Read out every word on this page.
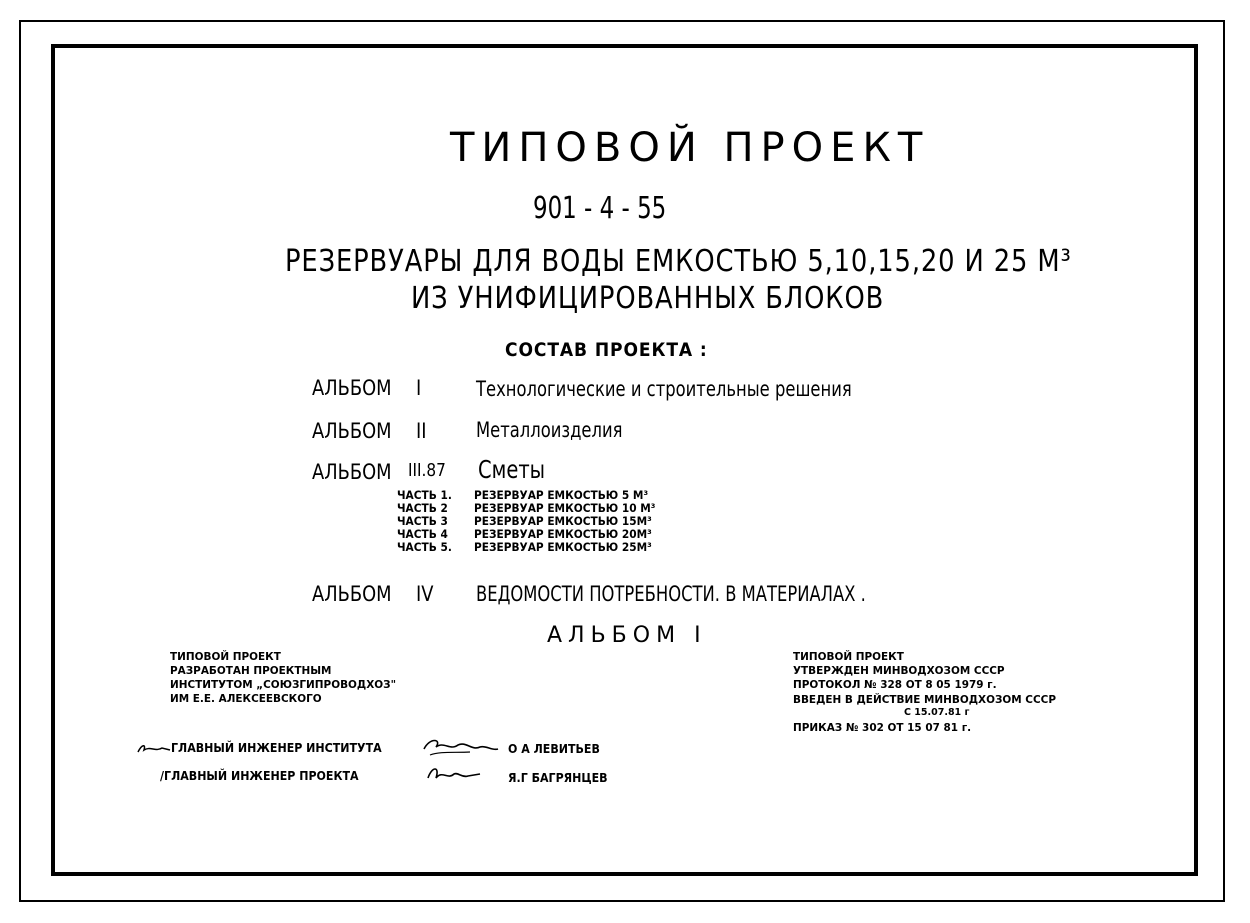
ТИПОВОЙ ПРОЕКТ
901 - 4 - 55
РЕЗЕРВУАРЫ ДЛЯ ВОДЫ ЕМКОСТЬЮ 5,10,15,20 И 25 М³
ИЗ УНИФИЦИРОВАННЫХ БЛОКОВ
СОСТАВ ПРОЕКТА :
АЛЬБОМ I	Технологические и строительные решения
АЛЬБОМ II Металлоизделия
АЛЬБОМ III.87 Сметы
ЧАСТЬ 1. РЕЗЕРВУАР ЕМКОСТЬЮ 5 М³
ЧАСТЬ 2 РЕЗЕРВУАР ЕМКОСТЬЮ 10 М³
ЧАСТЬ 3 РЕЗЕРВУАР ЕМКОСТЬЮ 15М³
ЧАСТЬ 4 РЕЗЕРВУАР ЕМКОСТЬЮ 20М³
ЧАСТЬ 5. РЕЗЕРВУАР ЕМКОСТЬЮ 25М³
АЛЬБОМ IV ВЕДОМОСТИ ПОТРЕБНОСТИ. В МАТЕРИАЛАХ .
АЛЬБОМ I
ТИПОВОЙ ПРОЕКТ
РАЗРАБОТАН ПРОЕКТНЫМ
ИНСТИТУТОМ „СОЮЗГИПРОВОДХОЗ"
ИМ Е.Е. АЛЕКСЕЕВСКОГО
ТИПОВОЙ ПРОЕКТ
УТВЕРЖДЕН МИНВОДХОЗОМ СССР
ПРОТОКОЛ № 328 ОТ 8 05 1979 г.
ВВЕДЕН В ДЕЙСТВИЕ МИНВОДХОЗОМ СССР
С 15.07.81 г
ПРИКАЗ № 302 ОТ 15 07 81 г.
ГЛАВНЫЙ ИНЖЕНЕР ИНСТИТУТА	О А ЛЕВИТЬЕВ
/ГЛАВНЫЙ ИНЖЕНЕР ПРОЕКТА	Я.Г БАГРЯНЦЕВ
